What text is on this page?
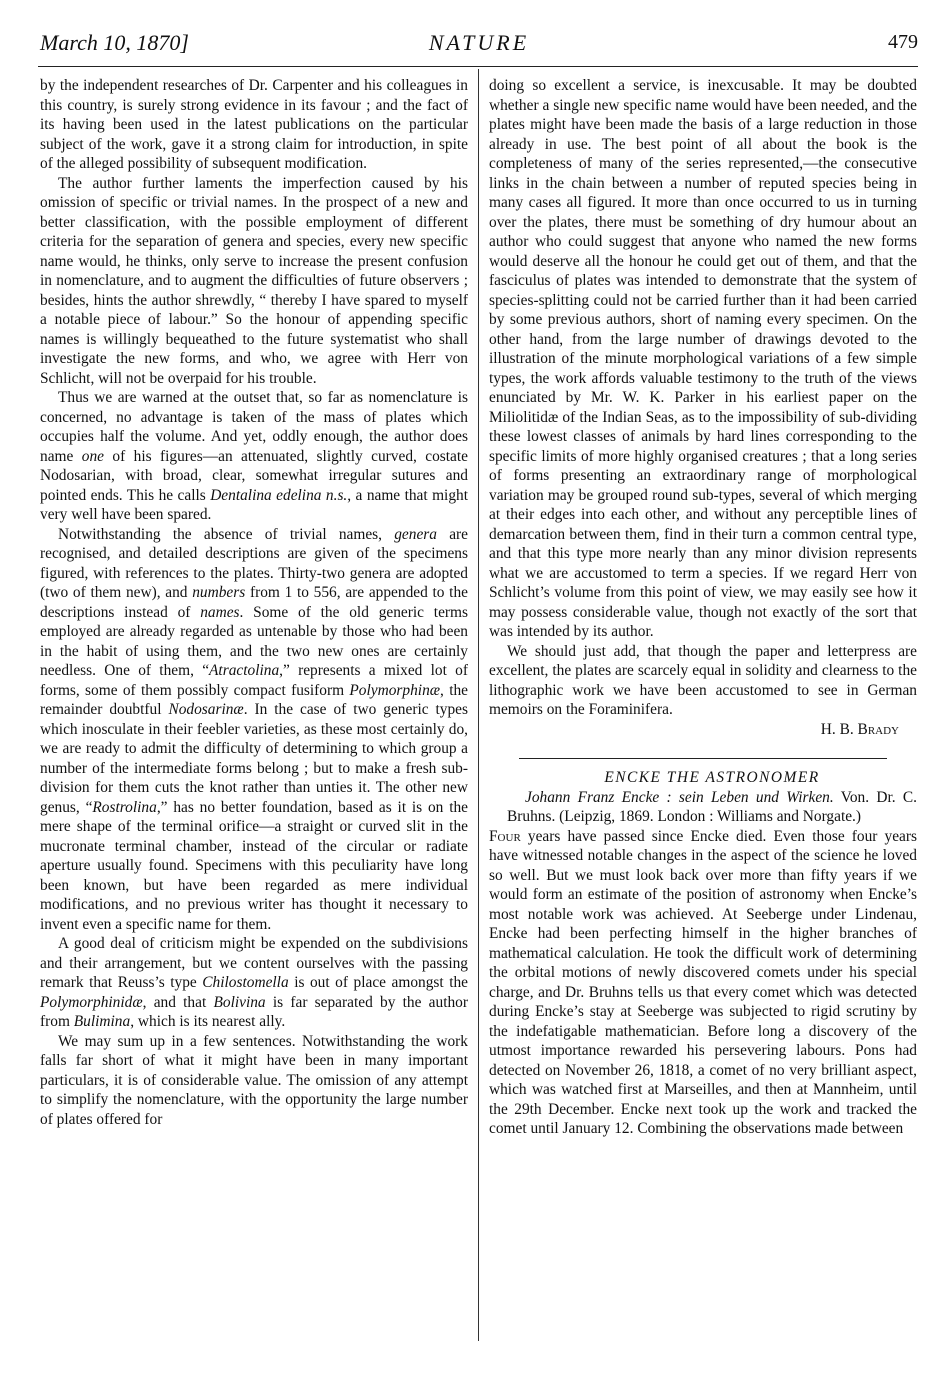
March 10, 1870]	NATURE	479

by the independent researches of Dr. Carpenter and his colleagues in this country, is surely strong evidence in its favour ; and the fact of its having been used in the latest publications on the particular subject of the work, gave it a strong claim for introduction, in spite of the alleged possibility of subsequent modification.

The author further laments the imperfection caused by his omission of specific or trivial names. In the prospect of a new and better classification, with the possible employment of different criteria for the separation of genera and species, every new specific name would, he thinks, only serve to increase the present confusion in nomenclature, and to augment the difficulties of future observers ; besides, hints the author shrewdly, “ thereby I have spared to myself a notable piece of labour.” So the honour of appending specific names is willingly bequeathed to the future systematist who shall investigate the new forms, and who, we agree with Herr von Schlicht, will not be overpaid for his trouble.

Thus we are warned at the outset that, so far as nomenclature is concerned, no advantage is taken of the mass of plates which occupies half the volume. And yet, oddly enough, the author does name one of his figures—an attenuated, slightly curved, costate Nodosarian, with broad, clear, somewhat irregular sutures and pointed ends. This he calls Dentalina edelina n.s., a name that might very well have been spared.

Notwithstanding the absence of trivial names, genera are recognised, and detailed descriptions are given of the specimens figured, with references to the plates. Thirty-two genera are adopted (two of them new), and numbers from 1 to 556, are appended to the descriptions instead of names. Some of the old generic terms employed are already regarded as untenable by those who had been in the habit of using them, and the two new ones are certainly needless. One of them, “Atractolina,” represents a mixed lot of forms, some of them possibly compact fusiform Polymorphinæ, the remainder doubtful Nodosarinæ. In the case of two generic types which inosculate in their feebler varieties, as these most certainly do, we are ready to admit the difficulty of determining to which group a number of the intermediate forms belong ; but to make a fresh sub-division for them cuts the knot rather than unties it. The other new genus, “Rostrolina,” has no better foundation, based as it is on the mere shape of the terminal orifice—a straight or curved slit in the mucronate terminal chamber, instead of the circular or radiate aperture usually found. Specimens with this peculiarity have long been known, but have been regarded as mere individual modifications, and no previous writer has thought it necessary to invent even a specific name for them.

A good deal of criticism might be expended on the subdivisions and their arrangement, but we content ourselves with the passing remark that Reuss’s type Chilostomella is out of place amongst the Polymorphinidæ, and that Bolivina is far separated by the author from Bulimina, which is its nearest ally.

We may sum up in a few sentences. Notwithstanding the work falls far short of what it might have been in many important particulars, it is of considerable value. The omission of any attempt to simplify the nomenclature, with the opportunity the large number of plates offered for

doing so excellent a service, is inexcusable. It may be doubted whether a single new specific name would have been needed, and the plates might have been made the basis of a large reduction in those already in use. The best point of all about the book is the completeness of many of the series represented,—the consecutive links in the chain between a number of reputed species being in many cases all figured. It more than once occurred to us in turning over the plates, there must be something of dry humour about an author who could suggest that anyone who named the new forms would deserve all the honour he could get out of them, and that the fasciculus of plates was intended to demonstrate that the system of species-splitting could not be carried further than it had been carried by some previous authors, short of naming every specimen. On the other hand, from the large number of drawings devoted to the illustration of the minute morphological variations of a few simple types, the work affords valuable testimony to the truth of the views enunciated by Mr. W. K. Parker in his earliest paper on the Miliolitidæ of the Indian Seas, as to the impossibility of sub-dividing these lowest classes of animals by hard lines corresponding to the specific limits of more highly organised creatures ; that a long series of forms presenting an extraordinary range of morphological variation may be grouped round sub-types, several of which merging at their edges into each other, and without any perceptible lines of demarcation between them, find in their turn a common central type, and that this type more nearly than any minor division represents what we are accustomed to term a species. If we regard Herr von Schlicht’s volume from this point of view, we may easily see how it may possess considerable value, though not exactly of the sort that was intended by its author.

We should just add, that though the paper and letterpress are excellent, the plates are scarcely equal in solidity and clearness to the lithographic work we have been accustomed to see in German memoirs on the Foraminifera.

H. B. Brady

ENCKE THE ASTRONOMER

Johann Franz Encke : sein Leben und Wirken. Von. Dr. C. Bruhns. (Leipzig, 1869. London : Williams and Norgate.)

Four years have passed since Encke died. Even those four years have witnessed notable changes in the aspect of the science he loved so well. But we must look back over more than fifty years if we would form an estimate of the position of astronomy when Encke’s most notable work was achieved. At Seeberge under Lindenau, Encke had been perfecting himself in the higher branches of mathematical calculation. He took the difficult work of determining the orbital motions of newly discovered comets under his special charge, and Dr. Bruhns tells us that every comet which was detected during Encke’s stay at Seeberge was subjected to rigid scrutiny by the indefatigable mathematician. Before long a discovery of the utmost importance rewarded his persevering labours. Pons had detected on November 26, 1818, a comet of no very brilliant aspect, which was watched first at Marseilles, and then at Mannheim, until the 29th December. Encke next took up the work and tracked the comet until January 12. Combining the observations made between
